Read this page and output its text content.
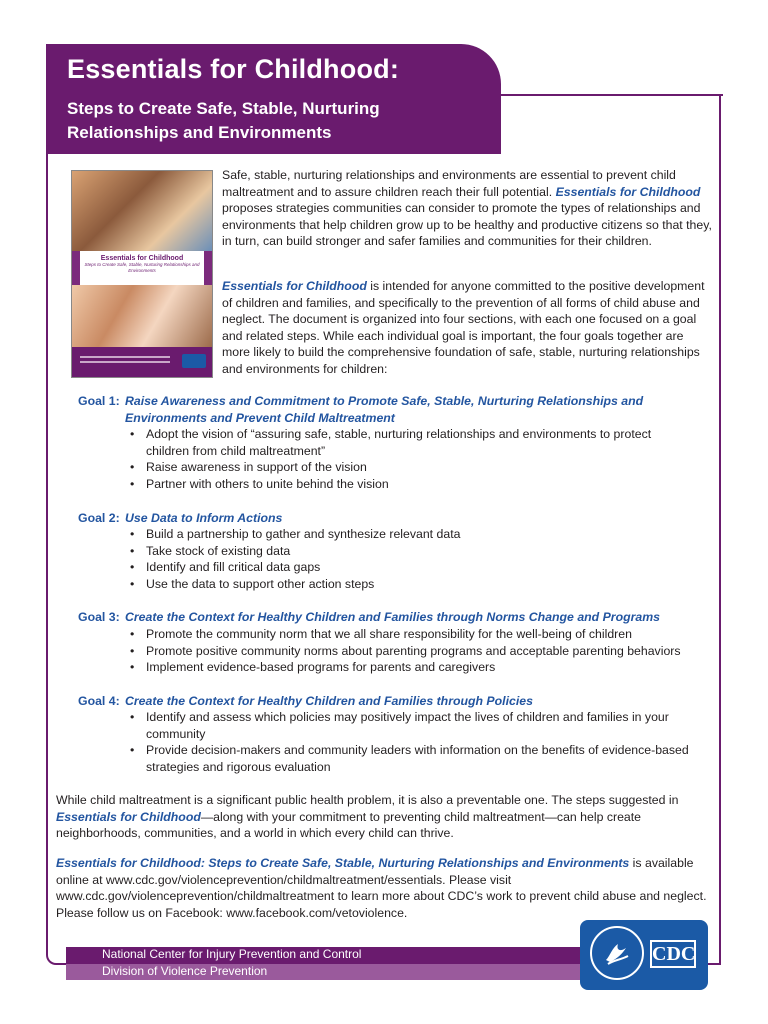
Essentials for Childhood:
Steps to Create Safe, Stable, Nurturing Relationships and Environments
Essentials for Childhood
Steps to Create Safe, Stable, Nurturing Relationships and Environments

Safe, stable, nurturing relationships and environments are essential to prevent child maltreatment and to assure children reach their full potential. Essentials for Childhood proposes strategies communities can consider to promote the types of relationships and environments that help children grow up to be healthy and productive citizens so that they, in turn, can build stronger and safer families and communities for their children.

Essentials for Childhood is intended for anyone committed to the positive development of children and families, and specifically to the prevention of all forms of child abuse and neglect. The document is organized into four sections, with each one focused on a goal and related steps. While each individual goal is important, the four goals together are more likely to build the comprehensive foundation of safe, stable, nurturing relationships and environments for children:

Goal 1: Raise Awareness and Commitment to Promote Safe, Stable, Nurturing Relationships and
Environments and Prevent Child Maltreatment
• Adopt the vision of “assuring safe, stable, nurturing relationships and environments to protect children from child maltreatment”
• Raise awareness in support of the vision
• Partner with others to unite behind the vision
Goal 2: Use Data to Inform Actions
• Build a partnership to gather and synthesize relevant data
• Take stock of existing data
• Identify and fill critical data gaps
• Use the data to support other action steps
Goal 3: Create the Context for Healthy Children and Families through Norms Change and Programs
• Promote the community norm that we all share responsibility for the well-being of children
• Promote positive community norms about parenting programs and acceptable parenting behaviors
• Implement evidence-based programs for parents and caregivers
Goal 4: Create the Context for Healthy Children and Families through Policies
• Identify and assess which policies may positively impact the lives of children and families in your community
• Provide decision-makers and community leaders with information on the benefits of evidence-based strategies and rigorous evaluation

While child maltreatment is a significant public health problem, it is also a preventable one. The steps suggested in Essentials for Childhood—along with your commitment to preventing child maltreatment—can help create neighborhoods, communities, and a world in which every child can thrive.

Essentials for Childhood: Steps to Create Safe, Stable, Nurturing Relationships and Environments is available online at www.cdc.gov/violenceprevention/childmaltreatment/essentials. Please visit www.cdc.gov/violenceprevention/childmaltreatment to learn more about CDC’s work to prevent child abuse and neglect. Please follow us on Facebook: www.facebook.com/vetoviolence.

National Center for Injury Prevention and Control
Division of Violence Prevention
CDC
